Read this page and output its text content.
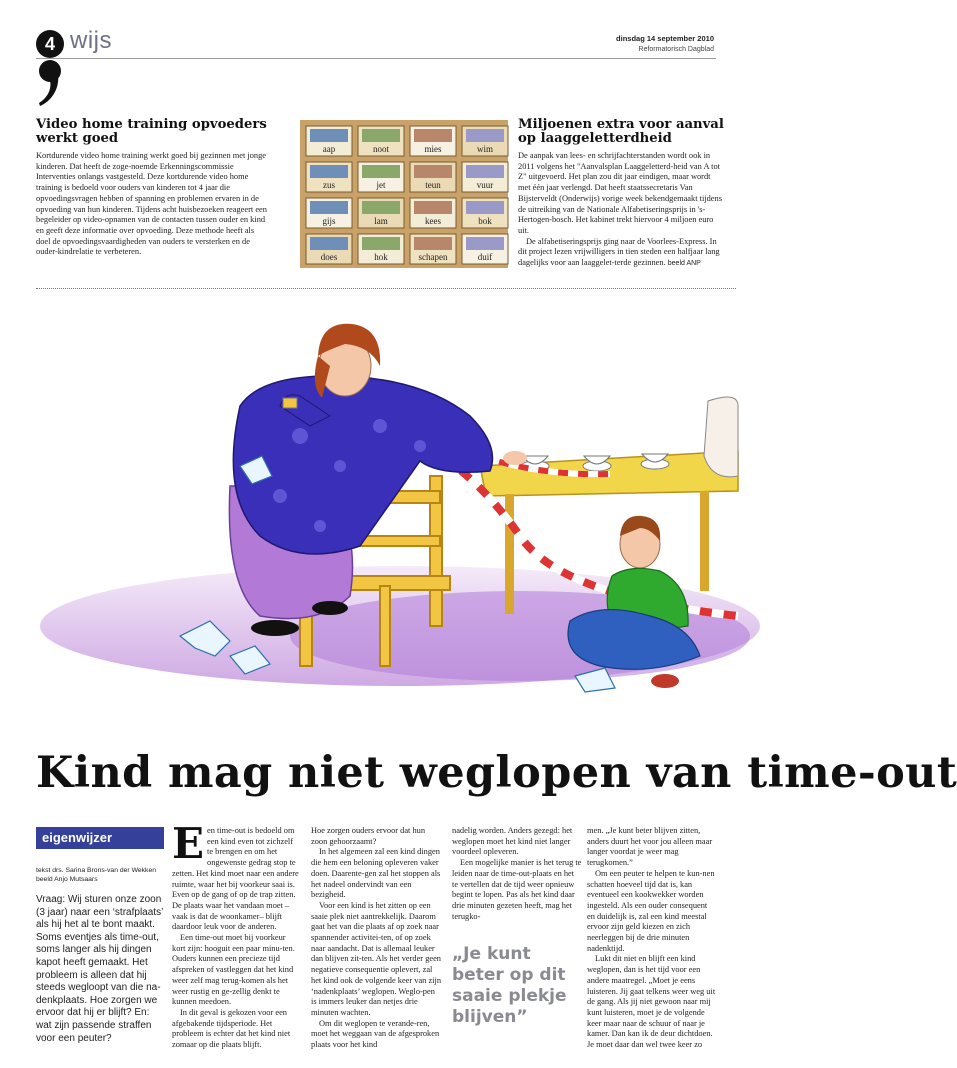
4 wijs	dinsdag 14 september 2010
Reformatorisch Dagblad
Video home training opvoeders werkt goed

Kortdurende video home training werkt goed bij gezinnen met jonge kinderen. Dat heeft de zoge-noemde Erkenningscommissie Interventies onlangs vastgesteld. Deze kortdurende video home training is bedoeld voor ouders van kinderen tot 4 jaar die opvoedingsvragen hebben of spanning en problemen ervaren in de opvoeding van hun kinderen. Tijdens acht huisbezoeken reageert een begeleider op video-opnamen van de contacten tussen ouder en kind en geeft deze informatie over opvoeding. Deze methode heeft als doel de opvoedingsvaardigheden van ouders te versterken en de ouder-kindrelatie te verbeteren.

aap	noot	mies	wim
zus	jet	teun	vuur
gijs	lam	kees	bok
does	hok	schapen	duif
Miljoenen extra voor aanval op laaggeletterdheid

De aanpak van lees- en schrijfachterstanden wordt ook in 2011 volgens het "Aanvalsplan Laaggeletterd-heid van A tot Z" uitgevoerd. Het plan zou dit jaar eindigen, maar wordt met één jaar verlengd. Dat heeft staatssecretaris Van Bijsterveldt (Onderwijs) vorige week bekendgemaakt tijdens de uitreiking van de Nationale Alfabetiseringsprijs in 's-Hertogen-bosch. Het kabinet trekt hiervoor 4 miljoen euro uit.

De alfabetiseringsprijs ging naar de Voorlees-Express. In dit project lezen vrijwilligers in tien steden een halfjaar lang dagelijks voor aan laaggelet-terde gezinnen. beeld ANP

Kind mag niet weglopen van time-out
eigenwijzer
tekst drs. Sarina Brons-van der Wekken
beeld Anjo Mutsaars
Vraag: Wij sturen onze zoon (3 jaar) naar een ‘strafplaats’ als hij het al te bont maakt. Soms eventjes als time-out, soms langer als hij dingen kapot heeft gemaakt. Het probleem is alleen dat hij steeds wegloopt van die na-denkplaats. Hoe zorgen we ervoor dat hij er blijft? En: wat zijn passende straffen voor een peuter?

Een time-out is bedoeld om een kind even tot zichzelf te brengen en om het ongewenste gedrag stop te zetten. Het kind moet naar een andere ruimte, waar het bij voorkeur saai is. Even op de gang of op de trap zitten. De plaats waar het vandaan moet –vaak is dat de woonkamer– blijft daardoor leuk voor de anderen.

Een time-out moet bij voorkeur kort zijn: hooguit een paar minu-ten. Ouders kunnen een precieze tijd afspreken of vastleggen dat het kind weer zelf mag terug-komen als het weer rustig en ge-zellig denkt te kunnen meedoen.

In dit geval is gekozen voor een afgebakende tijdsperiode. Het probleem is echter dat het kind niet zomaar op die plaats blijft.

Hoe zorgen ouders ervoor dat hun zoon gehoorzaamt?

In het algemeen zal een kind dingen die hem een beloning opleveren vaker doen. Daarente-gen zal het stoppen als het nadeel ondervindt van een bezigheid.

Voor een kind is het zitten op een saaie plek niet aantrekkelijk. Daarom gaat het van die plaats af op zoek naar spannender activitei-ten, of op zoek naar aandacht. Dat is allemaal leuker dan blijven zit-ten. Als het verder geen negatieve consequentie oplevert, zal het kind ook de volgende keer van zijn ‘nadenkplaats’ weglopen. Weglo-pen is immers leuker dan netjes drie minuten wachten.

Om dit weglopen te verande-ren, moet het weggaan van de afgesproken plaats voor het kind

nadelig worden. Anders gezegd: het weglopen moet het kind niet langer voordeel opleveren.

Een mogelijke manier is het terug te leiden naar de time-out-plaats en het te vertellen dat de tijd weer opnieuw begint te lopen. Pas als het kind daar drie minuten gezeten heeft, mag het terugko-

„Je kunt beter op dit saaie plekje blijven”

men. „Je kunt beter blijven zitten, anders duurt het voor jou alleen maar langer voordat je weer mag terugkomen.”

Om een peuter te helpen te kun-nen schatten hoeveel tijd dat is, kan eventueel een kookwekker worden ingesteld. Als een ouder consequent en duidelijk is, zal een kind meestal ervoor zijn geld kiezen en zich neerleggen bij de drie minuten nadenktijd.

Lukt dit niet en blijft een kind weglopen, dan is het tijd voor een andere maatregel. „Moet je eens luisteren. Jij gaat telkens weer weg uit de gang. Als jij niet gewoon naar mij kunt luisteren, moet je de volgende keer maar naar de schuur of naar je kamer. Dan kan ik de deur dichtdoen. Je moet daar dan wel twee keer zo
